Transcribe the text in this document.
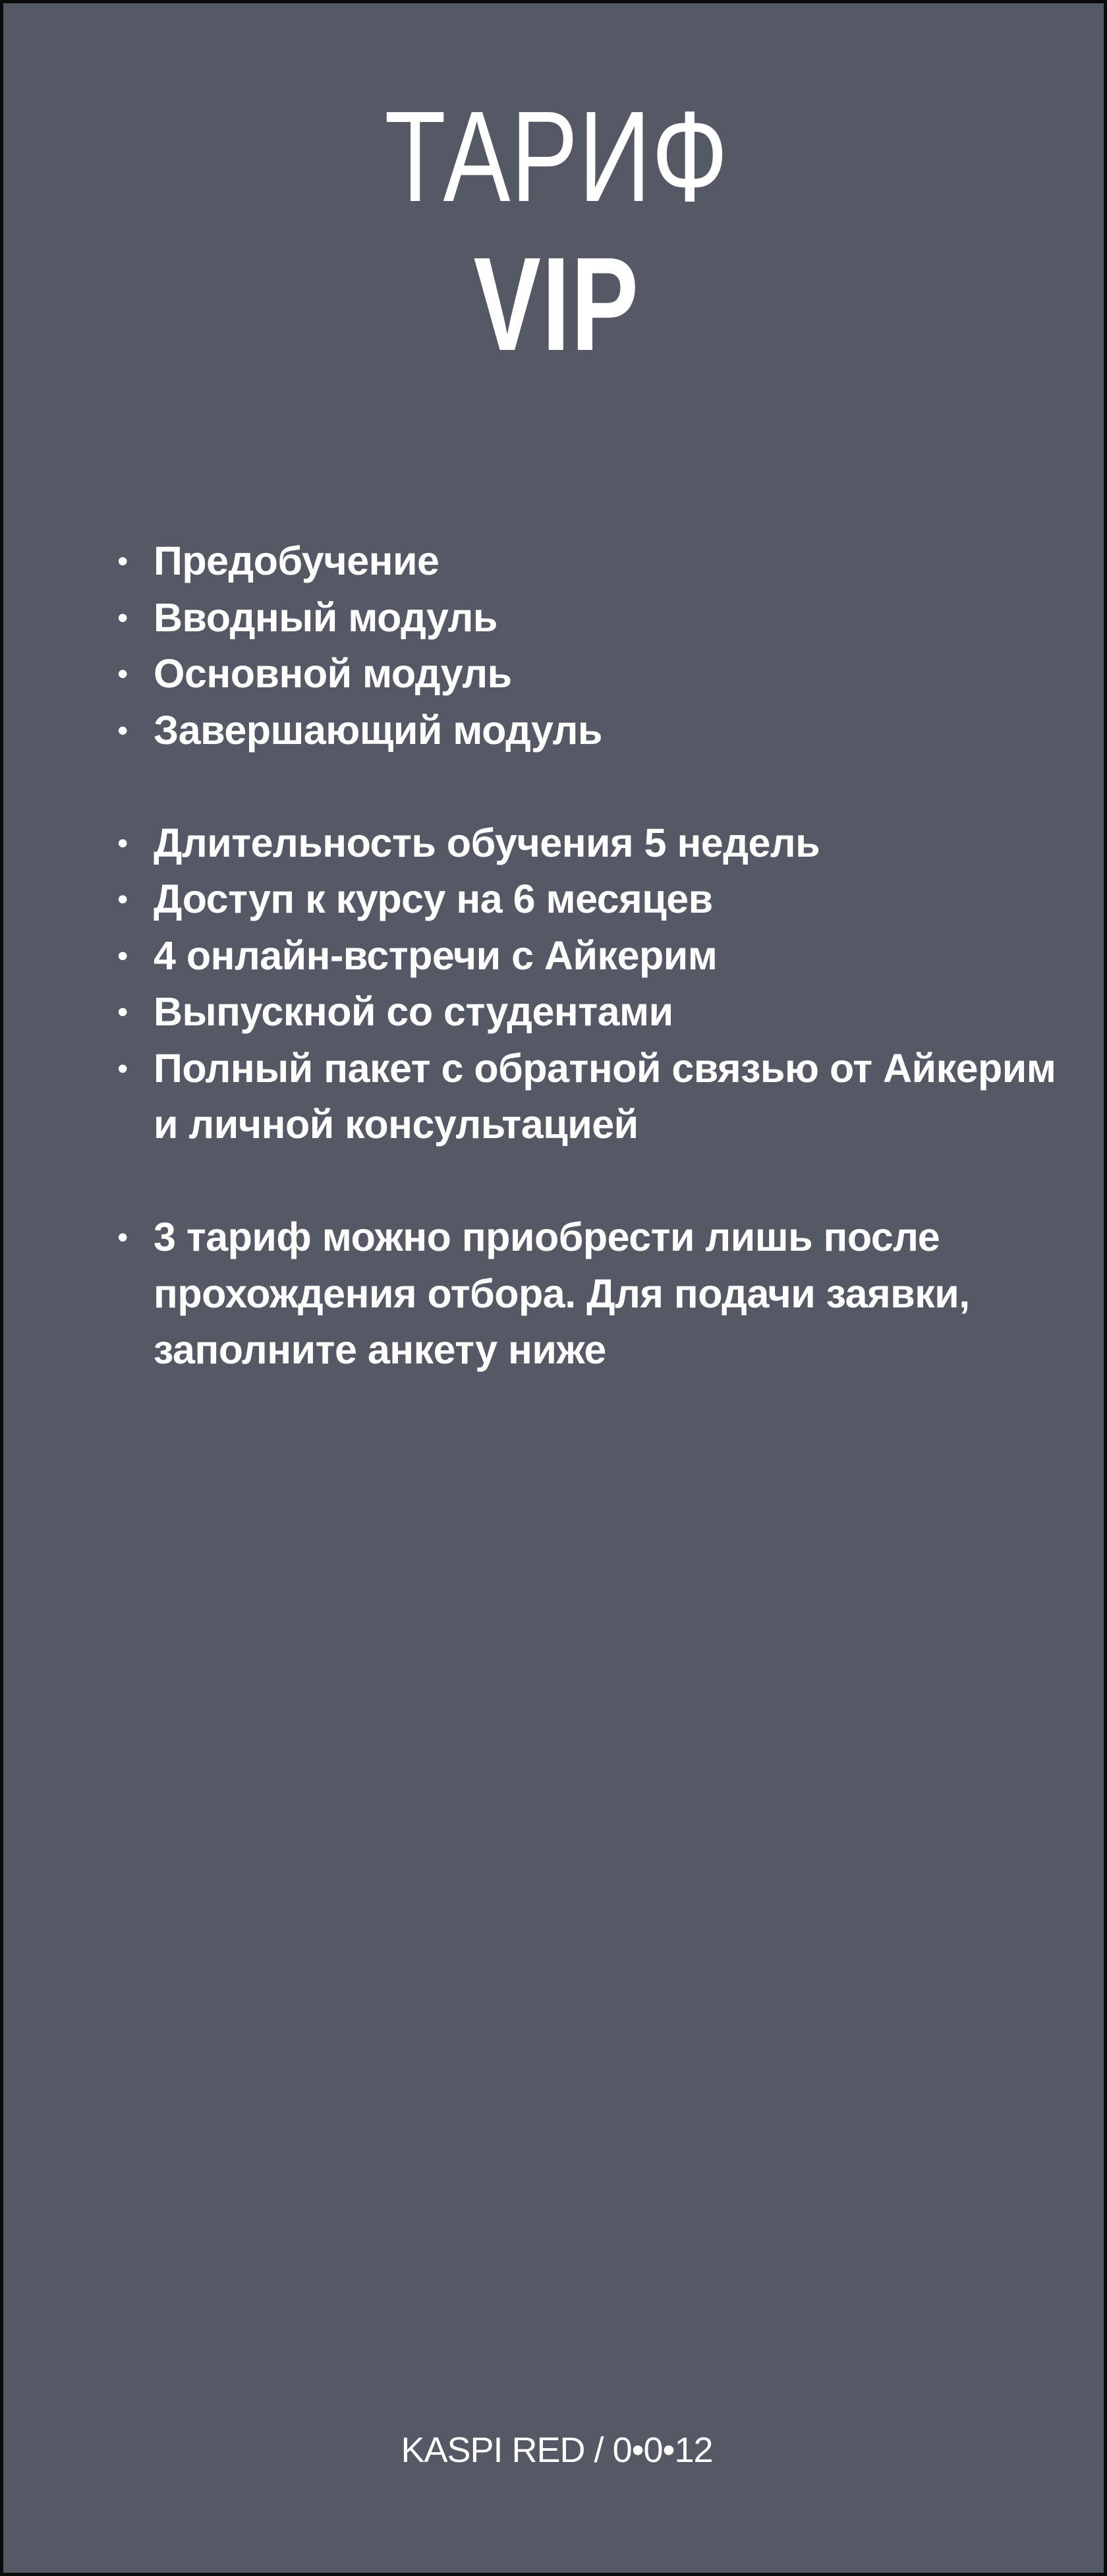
ТАРИФ
VIP
• Предобучение
• Вводный модуль
• Основной модуль
• Завершающий модуль
• Длительность обучения 5 недель
• Доступ к курсу на 6 месяцев
• 4 онлайн-встречи с Айкерим
• Выпускной со студентами
• Полный пакет с обратной связью от Айкерим и личной консультацией
• 3 тариф можно приобрести лишь после прохождения отбора. Для подачи заявки, заполните анкету ниже
KASPI RED / 0•0•12
